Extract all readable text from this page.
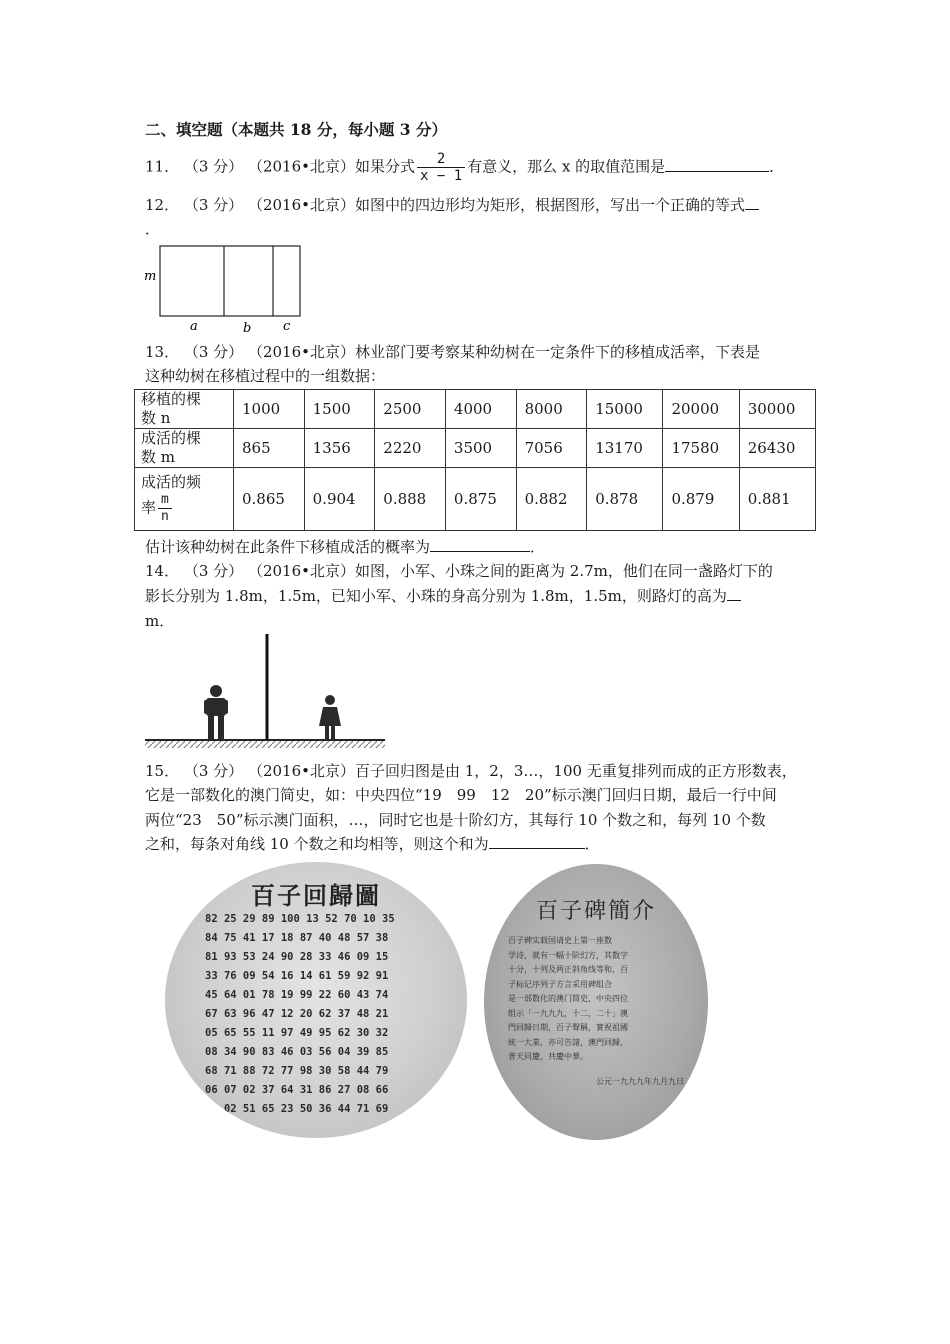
二、填空题（本题共 18 分，每小题 3 分）
11． （3 分） （2016•北京）如果分式 $\frac{2}{x - 1}$ 有意义，那么 x 的取值范围是	．
12． （3 分） （2016•北京）如图中的四边形均为矩形，根据图形，写出一个正确的等式
．
m
a	b c
13． （3 分） （2016•北京）林业部门要考察某种幼树在一定条件下的移植成活率，下表是
这种幼树在移植过程中的一组数据：
移植的棵
数 n	1000	1500	2500	4000	8000	15000	20000	30000
成活的棵
数 m	865	1356	2220	3500	7056	13170	17580	26430
成活的频
率 $\frac{m}{n}$	0.865	0.904	0.888	0.875	0.882	0.878	0.879	0.881
估计该种幼树在此条件下移植成活的概率为	．
14． （3 分） （2016•北京）如图，小军、小珠之间的距离为 2.7m，他们在同一盏路灯下的
影长分别为 1.8m，1.5m，已知小军、小珠的身高分别为 1.8m，1.5m，则路灯的高为
m．
15． （3 分） （2016•北京）百子回归图是由 1，2，3…，100 无重复排列而成的正方形数表，
它是一部数化的澳门简史，如：中央四位“19　99　12　20”标示澳门回归日期，最后一行中间
两位“23　50”标示澳门面积，…，同时它也是十阶幻方，其每行 10 个数之和，每列 10 个数
之和，每条对角线 10 个数之和均相等，则这个和为	．
百子回歸圖
82 25 29 89 100 13 52 70 10 35
84 75 41 17 18 87 40 48 57 38
81 93 53 24 90 28 33 46 09 15
33 76 09 54 16 14 61 59 92 91
45 64 01 78 19 99 22 60 43 74
67 63 96 47 12 20 62 37 48 21
05 65 55 11 97 49 95 62 30 32
08 34 90 83 46 03 56 04 39 85
68 71 88 72 77 98 30 58 44 79
06 07 02 37 64 31 86 27 08 66
94 02 51 65 23 50 36 44 71 69
百子碑簡介
百子碑实载国请史上第一座数
学诗，就有一幅十阶幻方，其数字
十分，十列及两正斜角线等和，百
子标记序列子方言采用碑组合
是一部数化的澳门简史，中央四位
组示「一九九九，十二，二十」澳
門回歸日期，百子聲稱，實祝祖國
統一大業，亦可告諸，澳門回歸，
普天同慶，共慶中華。
公元一九九九年九月九日
